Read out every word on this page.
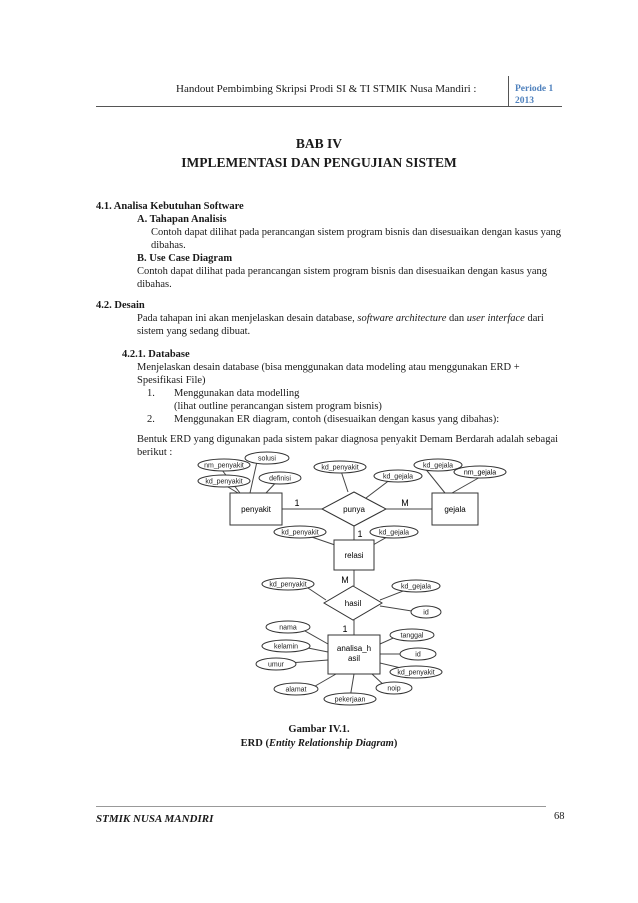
Handout Pembimbing Skripsi Prodi SI & TI STMIK Nusa Mandiri :	Periode 1
2013
BAB IV
IMPLEMENTASI DAN PENGUJIAN SISTEM
4.1. Analisa Kebutuhan Software
A. Tahapan Analisis
Contoh dapat dilihat pada perancangan sistem program bisnis dan disesuaikan dengan kasus yang
dibahas.
B. Use Case Diagram
Contoh dapat dilihat pada perancangan sistem program bisnis dan disesuaikan dengan kasus yang
dibahas.
4.2. Desain
Pada tahapan ini akan menjelaskan desain database, software architecture dan user interface dari
sistem yang sedang dibuat.
4.2.1. Database
Menjelaskan desain database (bisa menggunakan data modeling atau menggunakan ERD +
Spesifikasi File)
1. Menggunakan data modelling
(lihat outline perancangan sistem program bisnis)
2. Menggunakan ER diagram, contoh (disesuaikan dengan kasus yang dibahas):
Bentuk ERD yang digunakan pada sistem pakar diagnosa penyakit Demam Berdarah adalah sebagai
berikut :
penyakit	gejala
relasi
analisa_h
asil
punya
hasil
1	M
1
M
1
solusi
nm_penyakit
kd_penyakit	definisi
kd_penyakit
kd_gejala
kd_gejala
kd_penyakit	kd_gejala
kd_penyakit	kd_gejala
id
nama
kelamin
umur
alamat
pekerjaan
noip
tanggal
id
kd_penyakit
nm_gejala
Gambar IV.1.
ERD (Entity Relationship Diagram)
STMIK NUSA MANDIRI	68
